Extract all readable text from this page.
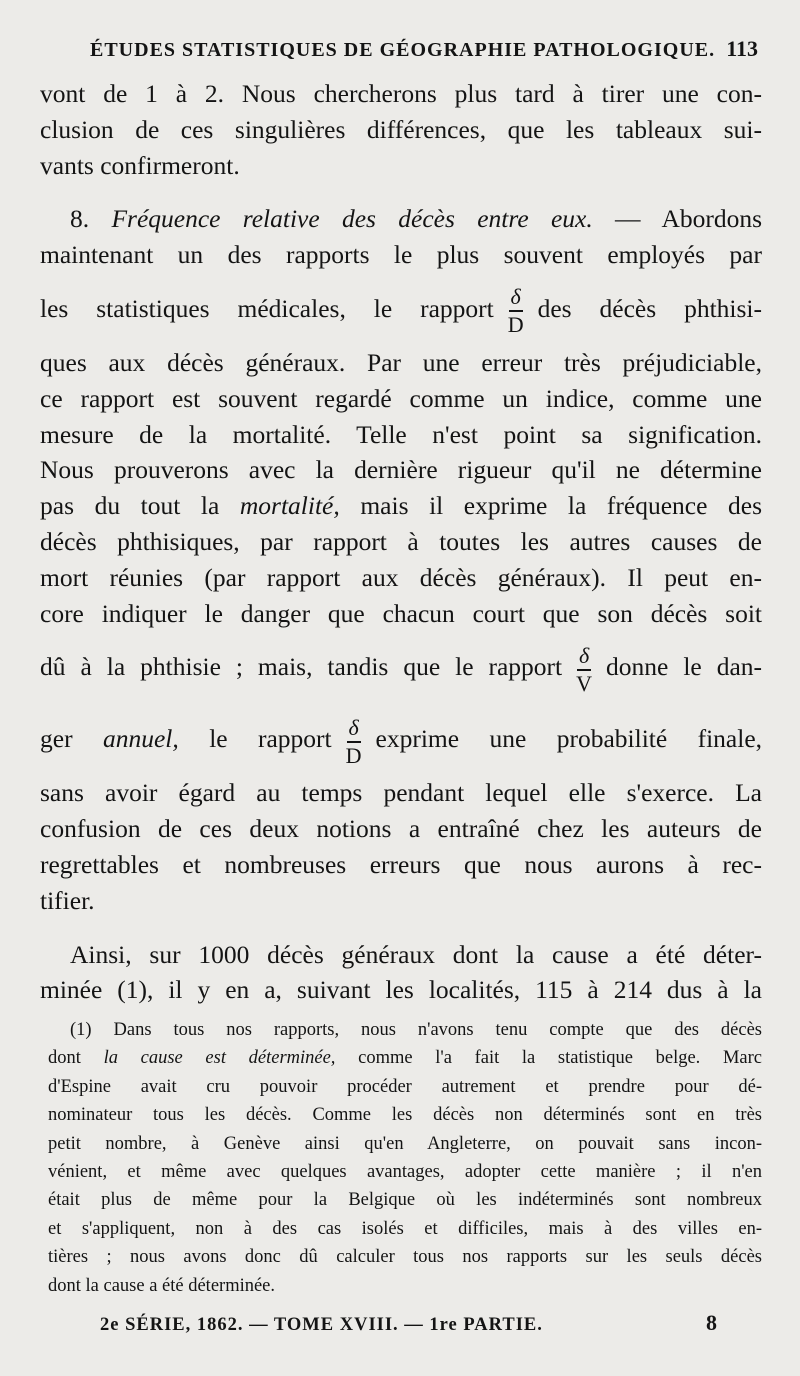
ÉTUDES STATISTIQUES DE GÉOGRAPHIE PATHOLOGIQUE. 113
vont de 1 à 2. Nous chercherons plus tard à tirer une con-
clusion de ces singulières différences, que les tableaux sui-
vants confirmeront.
8. Fréquence relative des décès entre eux. — Abordons
maintenant un des rapports le plus souvent employés par
les statistiques médicales, le rapport $\frac{\delta}{D}$ des décès phthisi-
ques aux décès généraux. Par une erreur très préjudiciable,
ce rapport est souvent regardé comme un indice, comme une
mesure de la mortalité. Telle n'est point sa signification.
Nous prouverons avec la dernière rigueur qu'il ne détermine
pas du tout la mortalité, mais il exprime la fréquence des
décès phthisiques, par rapport à toutes les autres causes de
mort réunies (par rapport aux décès généraux). Il peut en-
core indiquer le danger que chacun court que son décès soit
dû à la phthisie ; mais, tandis que le rapport $\frac{\delta}{V}$ donne le dan-
ger annuel, le rapport $\frac{\delta}{D}$ exprime une probabilité finale,
sans avoir égard au temps pendant lequel elle s'exerce. La
confusion de ces deux notions a entraîné chez les auteurs de
regrettables et nombreuses erreurs que nous aurons à rec-
tifier.
Ainsi, sur 1000 décès généraux dont la cause a été déter-
minée (1), il y en a, suivant les localités, 115 à 214 dus à la
(1) Dans tous nos rapports, nous n'avons tenu compte que des décès
dont la cause est déterminée, comme l'a fait la statistique belge. Marc
d'Espine avait cru pouvoir procéder autrement et prendre pour dé-
nominateur tous les décès. Comme les décès non déterminés sont en très
petit nombre, à Genève ainsi qu'en Angleterre, on pouvait sans incon-
vénient, et même avec quelques avantages, adopter cette manière ; il n'en
était plus de même pour la Belgique où les indéterminés sont nombreux
et s'appliquent, non à des cas isolés et difficiles, mais à des villes en-
tières ; nous avons donc dû calculer tous nos rapports sur les seuls décès
dont la cause a été déterminée.
2e SÉRIE, 1862. — TOME XVIII. — 1re PARTIE.	8
